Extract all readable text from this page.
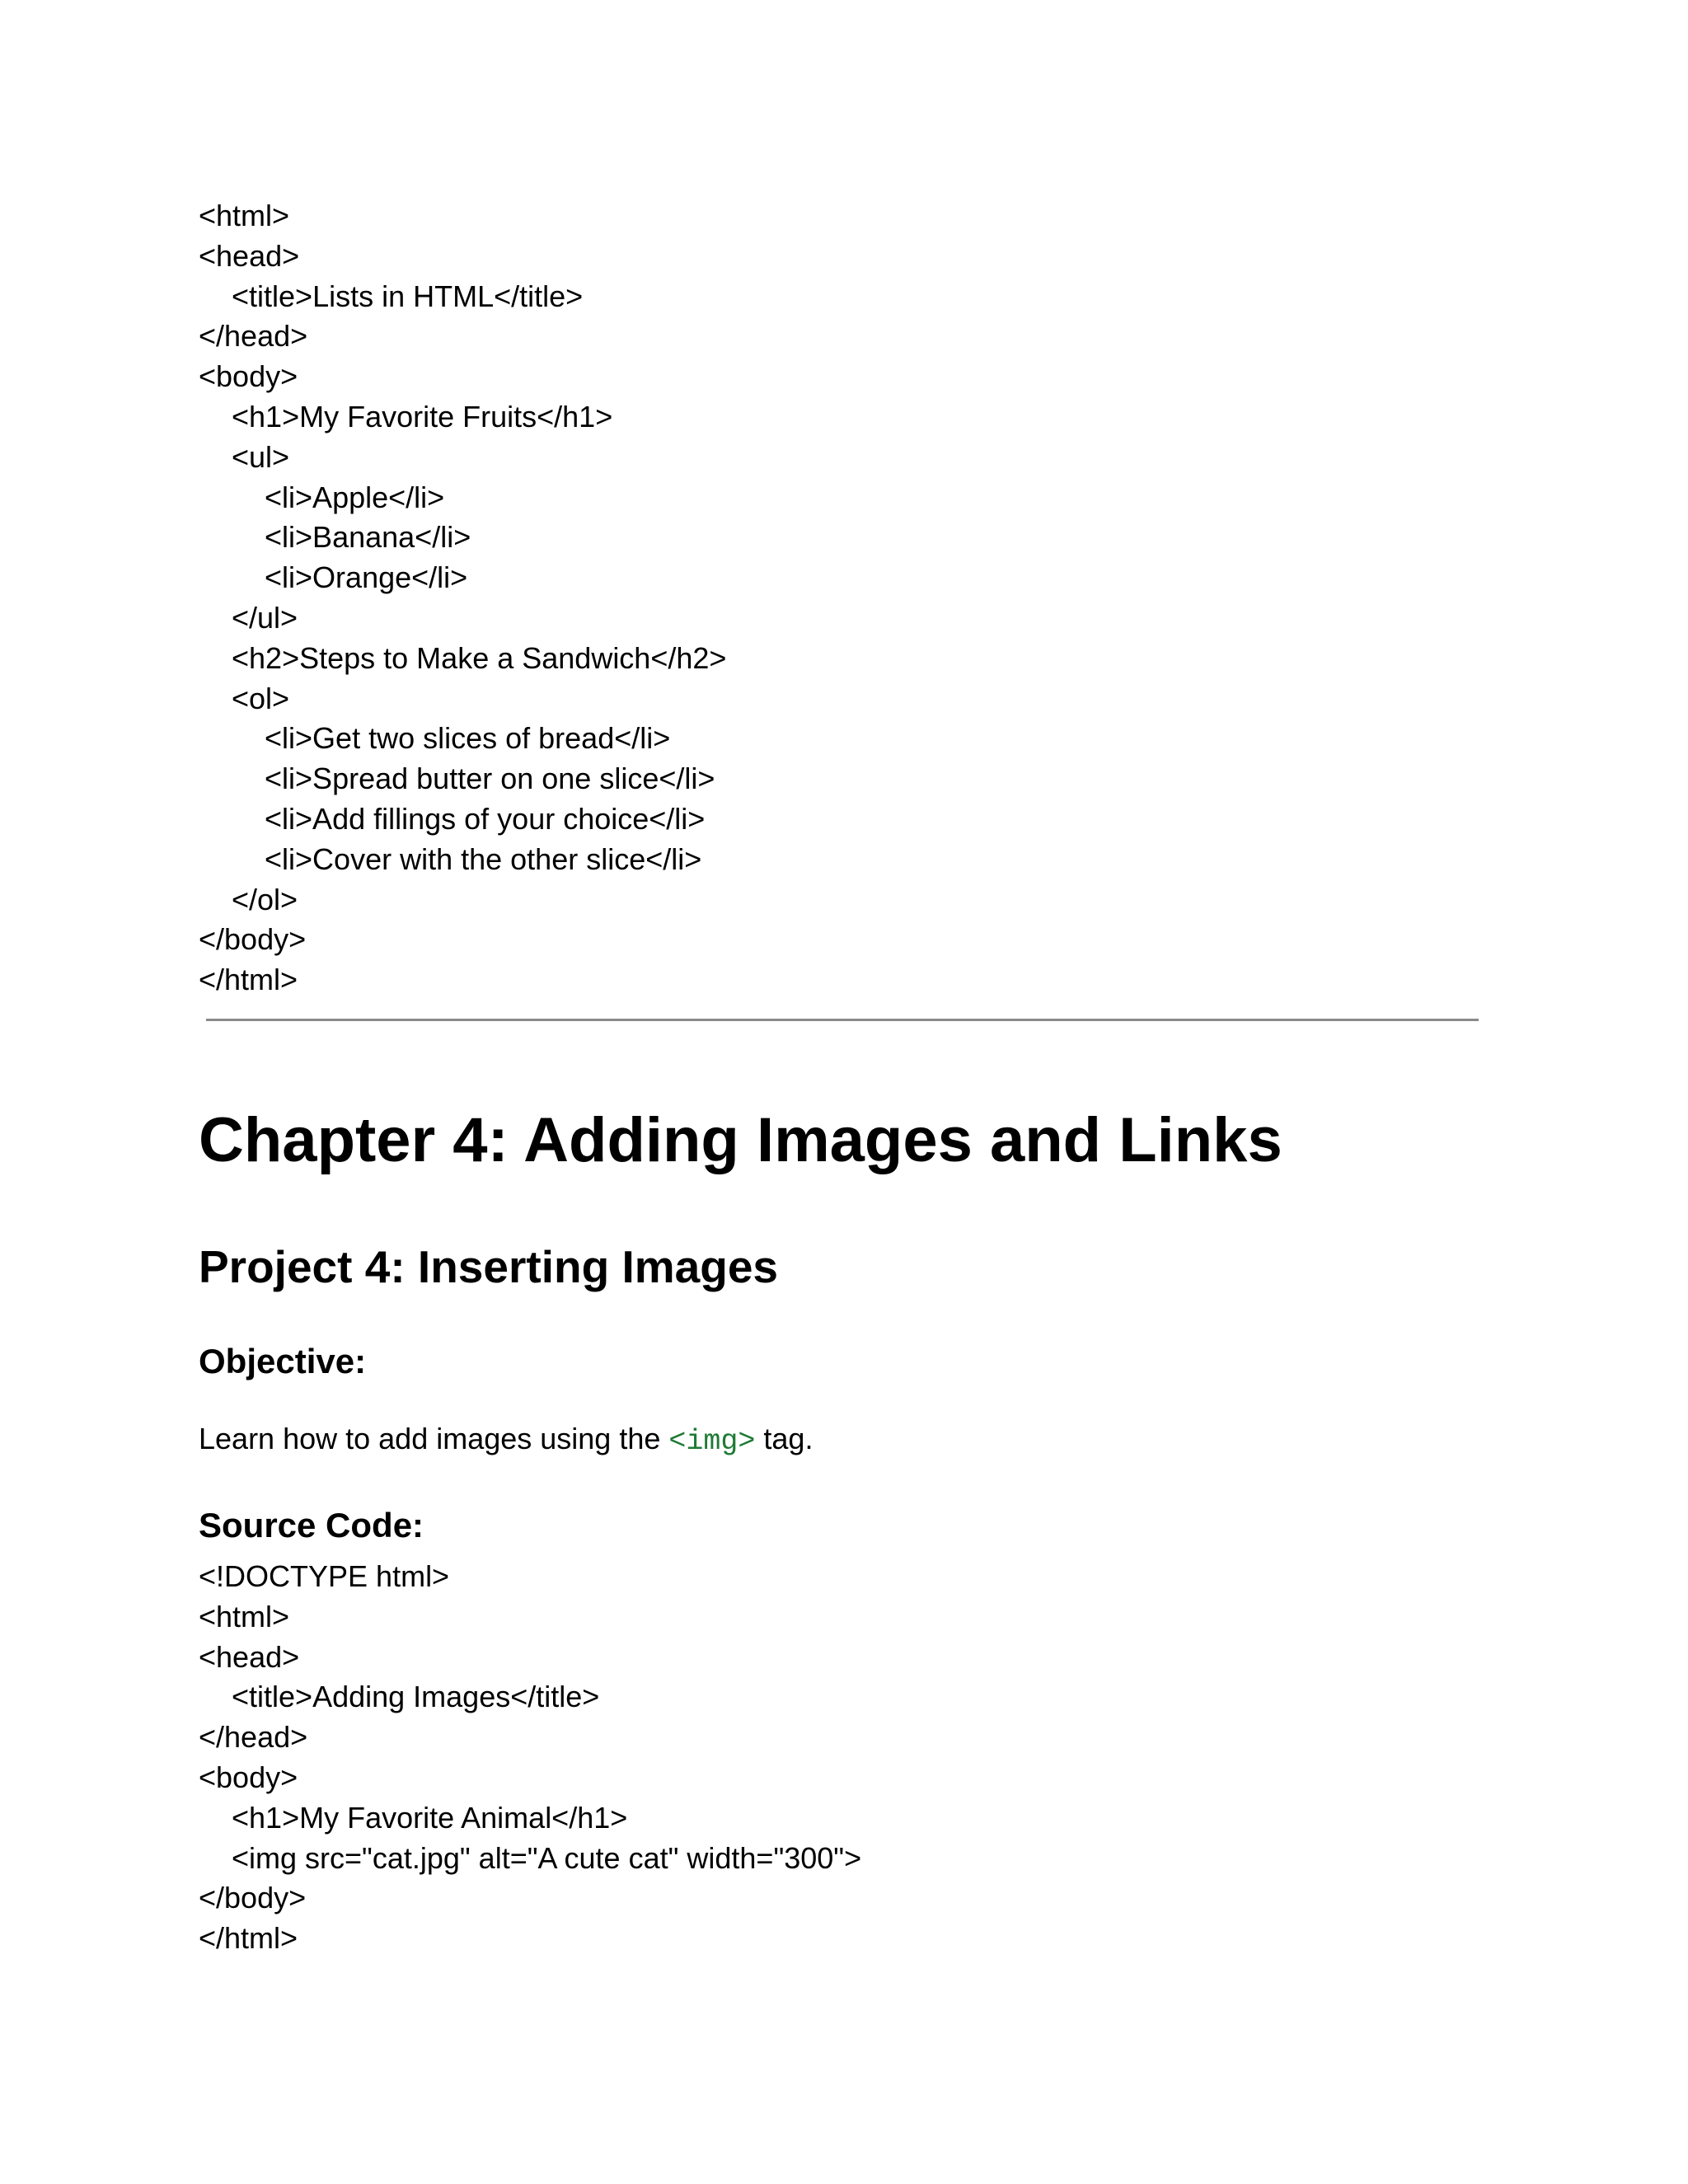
<html>
<head>
<title>Lists in HTML</title>
</head>
<body>
<h1>My Favorite Fruits</h1>
<ul>
<li>Apple</li>
<li>Banana</li>
<li>Orange</li>
</ul>
<h2>Steps to Make a Sandwich</h2>
<ol>
<li>Get two slices of bread</li>
<li>Spread butter on one slice</li>
<li>Add fillings of your choice</li>
<li>Cover with the other slice</li>
</ol>
</body>
</html>
Chapter 4: Adding Images and Links
Project 4: Inserting Images
Objective:

Learn how to add images using the <img> tag.

Source Code:
<!DOCTYPE html>
<html>
<head>
<title>Adding Images</title>
</head>
<body>
<h1>My Favorite Animal</h1>
<img src="cat.jpg" alt="A cute cat" width="300">
</body>
</html>
